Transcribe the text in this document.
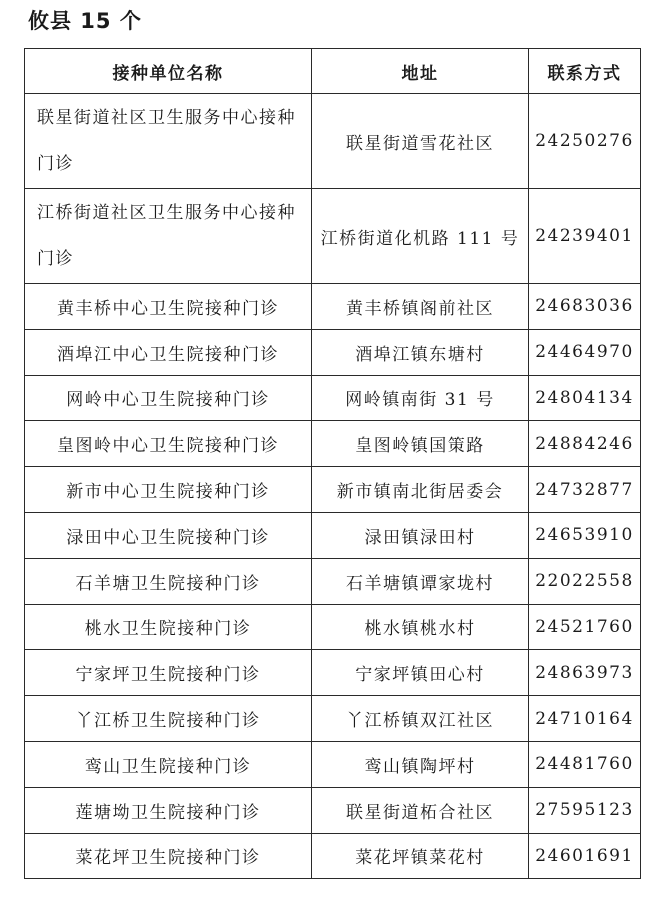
攸县 15 个
接种单位名称	地址	联系方式
联星街道社区卫生服务中心接种门诊	联星街道雪花社区	24250276
江桥街道社区卫生服务中心接种门诊	江桥街道化机路 111 号	24239401
黄丰桥中心卫生院接种门诊	黄丰桥镇阁前社区	24683036
酒埠江中心卫生院接种门诊	酒埠江镇东塘村	24464970
网岭中心卫生院接种门诊	网岭镇南街 31 号	24804134
皇图岭中心卫生院接种门诊	皇图岭镇国策路	24884246
新市中心卫生院接种门诊	新市镇南北街居委会	24732877
渌田中心卫生院接种门诊	渌田镇渌田村	24653910
石羊塘卫生院接种门诊	石羊塘镇谭家垅村	22022558
桃水卫生院接种门诊	桃水镇桃水村	24521760
宁家坪卫生院接种门诊	宁家坪镇田心村	24863973
丫江桥卫生院接种门诊	丫江桥镇双江社区	24710164
鸾山卫生院接种门诊	鸾山镇陶坪村	24481760
莲塘坳卫生院接种门诊	联星街道柘合社区	27595123
菜花坪卫生院接种门诊	菜花坪镇菜花村	24601691
